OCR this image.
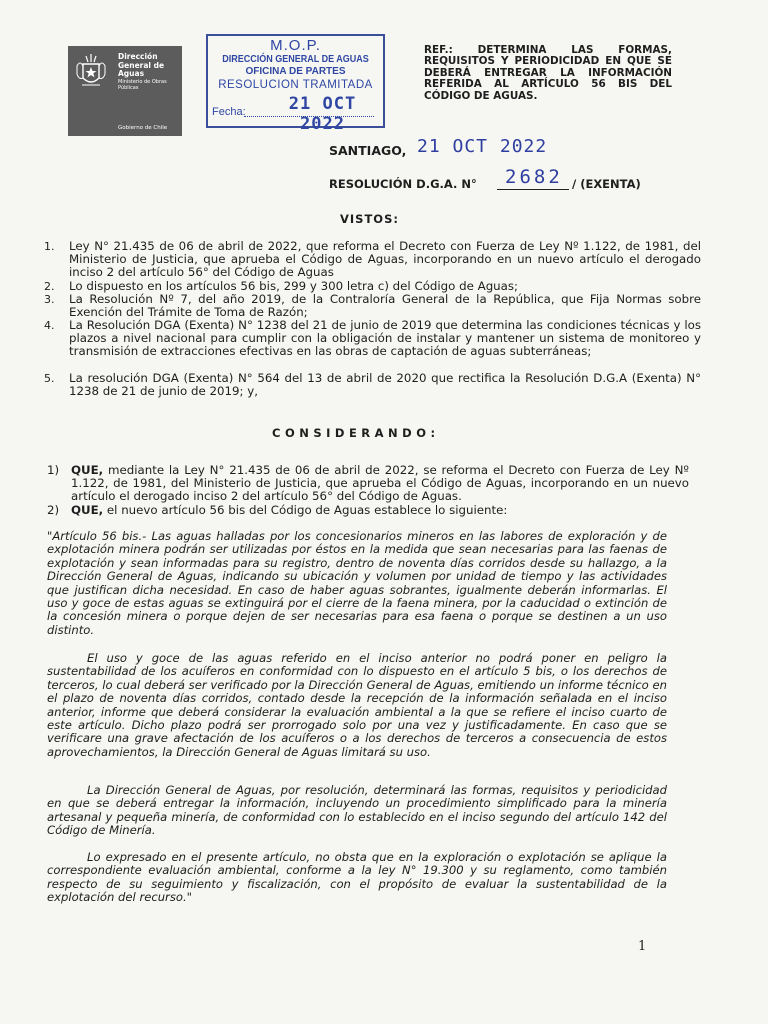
Dirección
General de
Aguas
Ministerio de Obras
Públicas
Gobierno de Chile
M.O.P.
DIRECCIÓN GENERAL DE AGUAS
OFICINA DE PARTES
RESOLUCION TRAMITADA
Fecha:	21 OCT 2022
REF.: DETERMINA LAS FORMAS, REQUISITOS Y PERIODICIDAD EN QUE SE DEBERÁ ENTREGAR LA INFORMACIÓN REFERIDA AL ARTÍCULO 56 BIS DEL CÓDIGO DE AGUAS.
SANTIAGO, 21 OCT 2022
RESOLUCIÓN D.G.A. N° 2682 / (EXENTA)
VISTOS:
1. Ley N° 21.435 de 06 de abril de 2022, que reforma el Decreto con Fuerza de Ley Nº 1.122, de 1981, del Ministerio de Justicia, que aprueba el Código de Aguas, incorporando en un nuevo artículo el derogado inciso 2 del artículo 56° del Código de Aguas
2. Lo dispuesto en los artículos 56 bis, 299 y 300 letra c) del Código de Aguas;
3. La Resolución Nº 7, del año 2019, de la Contraloría General de la República, que Fija Normas sobre Exención del Trámite de Toma de Razón;
4. La Resolución DGA (Exenta) N° 1238 del 21 de junio de 2019 que determina las condiciones técnicas y los plazos a nivel nacional para cumplir con la obligación de instalar y mantener un sistema de monitoreo y transmisión de extracciones efectivas en las obras de captación de aguas subterráneas;
5. La resolución DGA (Exenta) N° 564 del 13 de abril de 2020 que rectifica la Resolución D.G.A (Exenta) N° 1238 de 21 de junio de 2019; y,
CONSIDERANDO:
1) QUE, mediante la Ley N° 21.435 de 06 de abril de 2022, se reforma el Decreto con Fuerza de Ley Nº 1.122, de 1981, del Ministerio de Justicia, que aprueba el Código de Aguas, incorporando en un nuevo artículo el derogado inciso 2 del artículo 56° del Código de Aguas.
2) QUE, el nuevo artículo 56 bis del Código de Aguas establece lo siguiente:

"Artículo 56 bis.- Las aguas halladas por los concesionarios mineros en las labores de exploración y de explotación minera podrán ser utilizadas por éstos en la medida que sean necesarias para las faenas de explotación y sean informadas para su registro, dentro de noventa días corridos desde su hallazgo, a la Dirección General de Aguas, indicando su ubicación y volumen por unidad de tiempo y las actividades que justifican dicha necesidad. En caso de haber aguas sobrantes, igualmente deberán informarlas. El uso y goce de estas aguas se extinguirá por el cierre de la faena minera, por la caducidad o extinción de la concesión minera o porque dejen de ser necesarias para esa faena o porque se destinen a un uso distinto.

El uso y goce de las aguas referido en el inciso anterior no podrá poner en peligro la sustentabilidad de los acuíferos en conformidad con lo dispuesto en el artículo 5 bis, o los derechos de terceros, lo cual deberá ser verificado por la Dirección General de Aguas, emitiendo un informe técnico en el plazo de noventa días corridos, contado desde la recepción de la información señalada en el inciso anterior, informe que deberá considerar la evaluación ambiental a la que se refiere el inciso cuarto de este artículo. Dicho plazo podrá ser prorrogado solo por una vez y justificadamente. En caso que se verificare una grave afectación de los acuíferos o a los derechos de terceros a consecuencia de estos aprovechamientos, la Dirección General de Aguas limitará su uso.

La Dirección General de Aguas, por resolución, determinará las formas, requisitos y periodicidad en que se deberá entregar la información, incluyendo un procedimiento simplificado para la minería artesanal y pequeña minería, de conformidad con lo establecido en el inciso segundo del artículo 142 del Código de Minería.

Lo expresado en el presente artículo, no obsta que en la exploración o explotación se aplique la correspondiente evaluación ambiental, conforme a la ley N° 19.300 y su reglamento, como también respecto de su seguimiento y fiscalización, con el propósito de evaluar la sustentabilidad de la explotación del recurso."

1
